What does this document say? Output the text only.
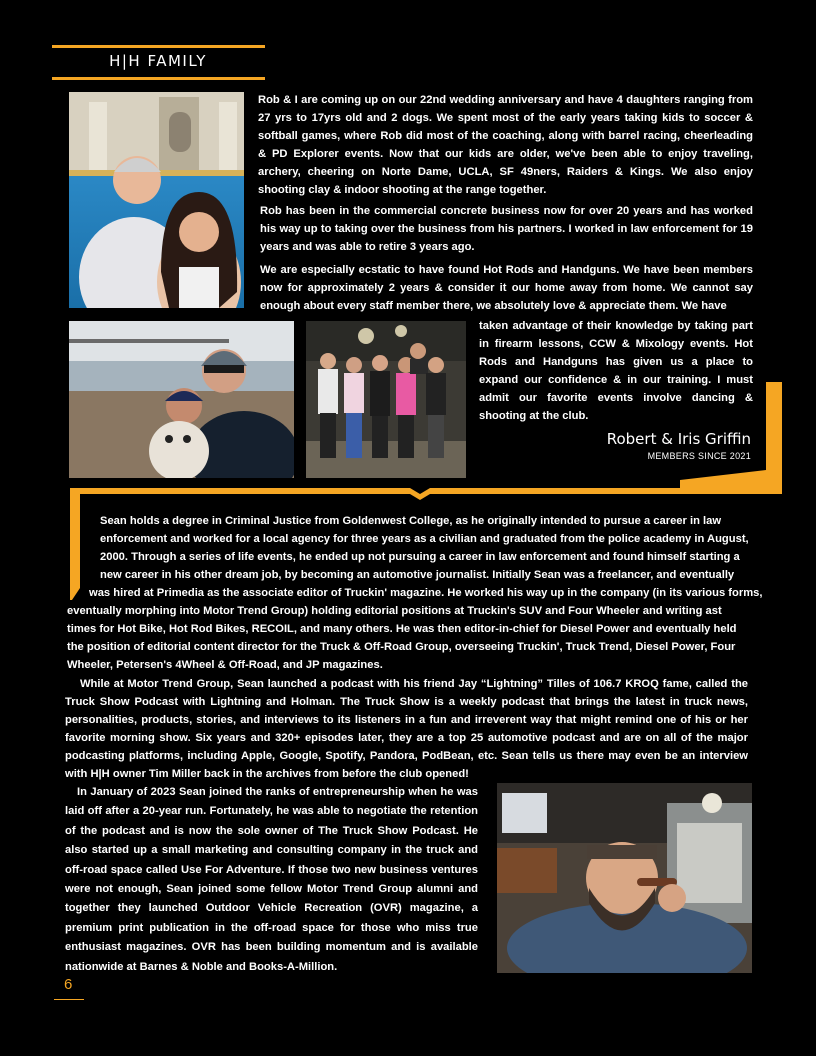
H|H FAMILY
Rob & I are coming up on our 22nd wedding anniversary and have 4 daughters ranging from 27 yrs to 17yrs old and 2 dogs. We spent most of the early years taking kids to soccer & softball games, where Rob did most of the coaching, along with barrel racing, cheerleading & PD Explorer events. Now that our kids are older, we've been able to enjoy traveling, archery, cheering on Norte Dame, UCLA, SF 49ners, Raiders & Kings. We also enjoy shooting clay & indoor shooting at the range together.
Rob has been in the commercial concrete business now for over 20 years and has worked his way up to taking over the business from his partners. I worked in law enforcement for 19 years and was able to retire 3 years ago.
We are especially ecstatic to have found Hot Rods and Handguns. We have been members now for approximately 2 years & consider it our home away from home. We cannot say enough about every staff member there, we absolutely love & appreciate them. We have
taken advantage of their knowledge by taking part in firearm lessons, CCW & Mixology events. Hot Rods and Handguns has given us a place to expand our confidence & in our training. I must admit our favorite events involve dancing & shooting at the club.
Robert & Iris Griffin
MEMBERS SINCE 2021
Sean holds a degree in Criminal Justice from Goldenwest College, as he originally intended to pursue a career in law
enforcement and worked for a local agency for three years as a civilian and graduated from the police academy in August,
2000. Through a series of life events, he ended up not pursuing a career in law enforcement and found himself starting a
new career in his other dream job, by becoming an automotive journalist. Initially Sean was a freelancer, and eventually
was hired at Primedia as the associate editor of Truckin' magazine. He worked his way up in the company (in its various forms,
eventually morphing into Motor Trend Group) holding editorial positions at Truckin's SUV and Four Wheeler and writing ast
times for Hot Bike, Hot Rod Bikes, RECOIL, and many others. He was then editor-in-chief for Diesel Power and eventually held
the position of editorial content director for the Truck & Off-Road Group, overseeing Truckin', Truck Trend, Diesel Power, Four
Wheeler, Petersen's 4Wheel & Off-Road, and JP magazines.
While at Motor Trend Group, Sean launched a podcast with his friend Jay “Lightning” Tilles of 106.7 KROQ fame, called the Truck Show Podcast with Lightning and Holman. The Truck Show is a weekly podcast that brings the latest in truck news, personalities, products, stories, and interviews to its listeners in a fun and irreverent way that might remind one of his or her favorite morning show. Six years and 320+ episodes later, they are a top 25 automotive podcast and are on all of the major podcasting platforms, including Apple, Google, Spotify, Pandora, PodBean, etc. Sean tells us there may even be an interview with H|H owner Tim Miller back in the archives from before the club opened!
In January of 2023 Sean joined the ranks of entrepreneurship when he was laid off after a 20-year run. Fortunately, he was able to negotiate the retention of the podcast and is now the sole owner of The Truck Show Podcast. He also started up a small marketing and consulting company in the truck and off-road space called Use For Adventure. If those two new business ventures were not enough, Sean joined some fellow Motor Trend Group alumni and together they launched Outdoor Vehicle Recreation (OVR) magazine, a premium print publication in the off-road space for those who miss true enthusiast magazines. OVR has been building momentum and is available nationwide at Barnes & Noble and Books-A-Million.
6
